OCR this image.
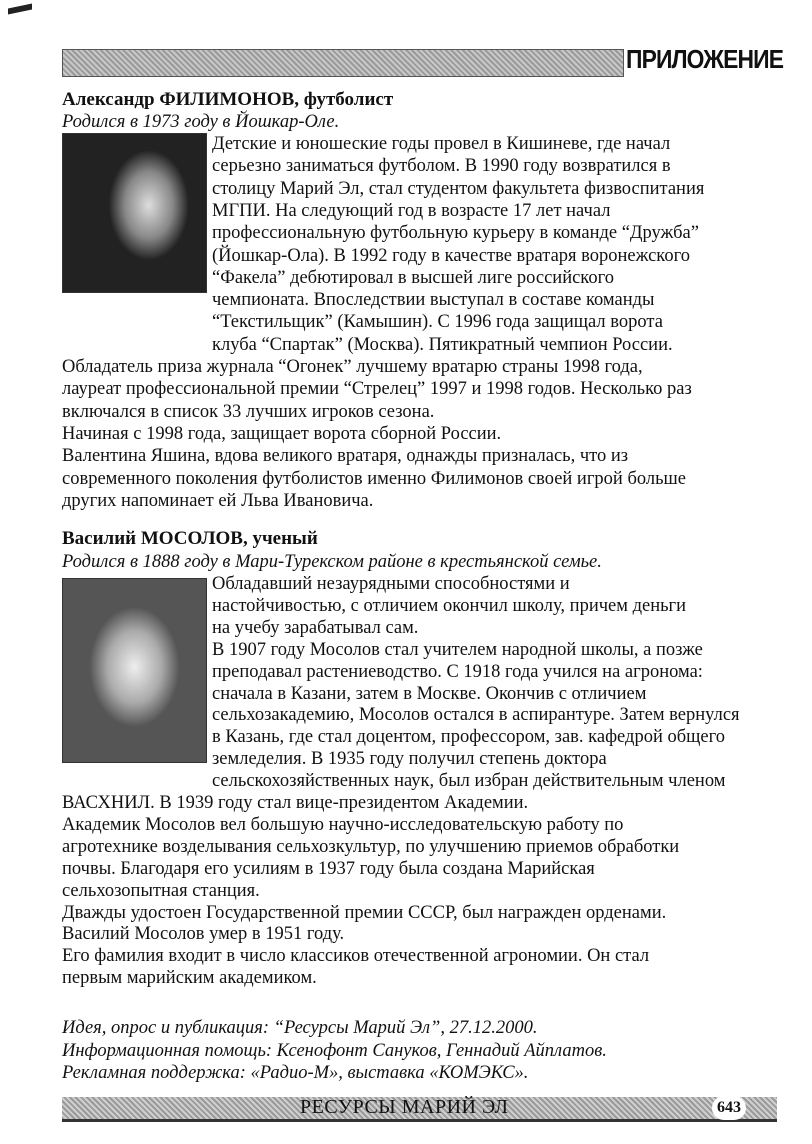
ПРИЛОЖЕНИЕ
Александр ФИЛИМОНОВ, футболист
Родился в 1973 году в Йошкар-Оле.
Детские и юношеские годы провел в Кишиневе, где начал
серьезно заниматься футболом. В 1990 году возвратился в
столицу Марий Эл, стал студентом факультета физвоспитания
МГПИ. На следующий год в возрасте 17 лет начал
профессиональную футбольную курьеру в команде “Дружба”
(Йошкар-Ола). В 1992 году в качестве вратаря воронежского
“Факела” дебютировал в высшей лиге российского
чемпионата. Впоследствии выступал в составе команды
“Текстильщик” (Камышин). С 1996 года защищал ворота
клуба “Спартак” (Москва). Пятикратный чемпион России.
Обладатель приза журнала “Огонек” лучшему вратарю страны 1998 года,
лауреат профессиональной премии “Стрелец” 1997 и 1998 годов. Несколько раз
включался в список 33 лучших игроков сезона.
Начиная с 1998 года, защищает ворота сборной России.
Валентина Яшина, вдова великого вратаря, однажды призналась, что из
современного поколения футболистов именно Филимонов своей игрой больше
других напоминает ей Льва Ивановича.
Василий МОСОЛОВ, ученый
Родился в 1888 году в Мари-Турекском районе в крестьянской семье.
Обладавший незаурядными способностями и
настойчивостью, с отличием окончил школу, причем деньги
на учебу зарабатывал сам.
В 1907 году Мосолов стал учителем народной школы, а позже
преподавал растениеводство. С 1918 года учился на агронома:
сначала в Казани, затем в Москве. Окончив с отличием
сельхозакадемию, Мосолов остался в аспирантуре. Затем вернулся
в Казань, где стал доцентом, профессором, зав. кафедрой общего
земледелия. В 1935 году получил степень доктора
сельскохозяйственных наук, был избран действительным членом
ВАСХНИЛ. В 1939 году стал вице-президентом Академии.
Академик Мосолов вел большую научно-исследовательскую работу по
агротехнике возделывания сельхозкультур, по улучшению приемов обработки
почвы. Благодаря его усилиям в 1937 году была создана Марийская
сельхозопытная станция.
Дважды удостоен Государственной премии СССР, был награжден орденами.
Василий Мосолов умер в 1951 году.
Его фамилия входит в число классиков отечественной агрономии. Он стал
первым марийским академиком.
Идея, опрос и публикация: “Ресурсы Марий Эл”, 27.12.2000.
Информационная помощь: Ксенофонт Сануков, Геннадий Айплатов.
Рекламная поддержка: «Радио-М», выставка «КОМЭКС».
РЕСУРСЫ МАРИЙ ЭЛ	643
